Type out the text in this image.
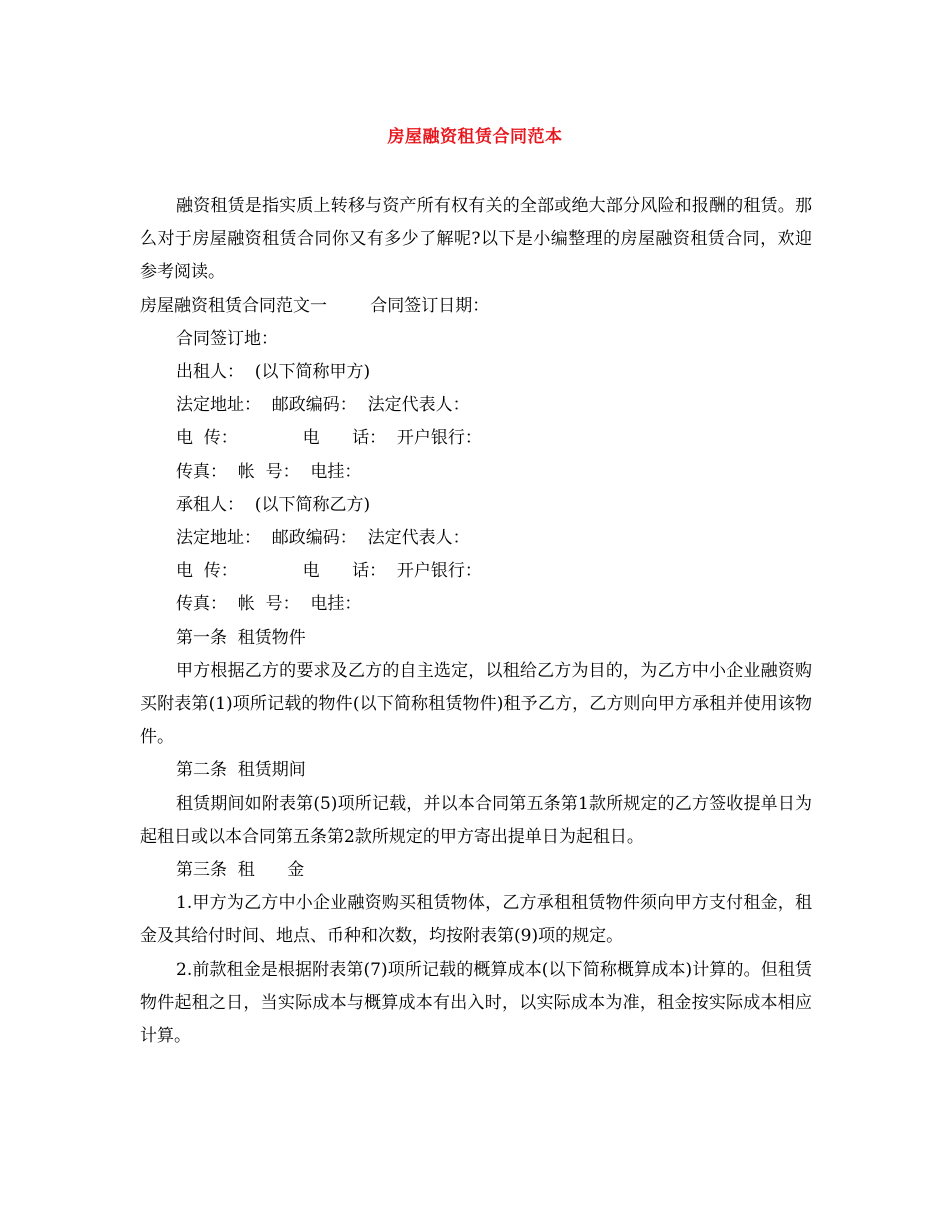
房屋融资租赁合同范本

融资租赁是指实质上转移与资产所有权有关的全部或绝大部分风险和报酬的租赁。那么对于房屋融资租赁合同你又有多少了解呢?以下是小编整理的房屋融资租赁合同，欢迎参考阅读。

房屋融资租赁合同范文一        合同签订日期：

合同签订地：

出租人：  (以下简称甲方)

法定地址：  邮政编码：  法定代表人：

电  传：            电      话：  开户银行：

传真：  帐  号：  电挂：

承租人：  (以下简称乙方)

法定地址：  邮政编码：  法定代表人：

电  传：            电      话：  开户银行：

传真：  帐  号：  电挂：

第一条  租赁物件

甲方根据乙方的要求及乙方的自主选定，以租给乙方为目的，为乙方中小企业融资购买附表第(1)项所记载的物件(以下简称租赁物件)租予乙方，乙方则向甲方承租并使用该物件。

第二条  租赁期间

租赁期间如附表第(5)项所记载，并以本合同第五条第1款所规定的乙方签收提单日为起租日或以本合同第五条第2款所规定的甲方寄出提单日为起租日。

第三条  租      金

1.甲方为乙方中小企业融资购买租赁物体，乙方承租租赁物件须向甲方支付租金，租金及其给付时间、地点、币种和次数，均按附表第(9)项的规定。

2.前款租金是根据附表第(7)项所记载的概算成本(以下简称概算成本)计算的。但租赁物件起租之日，当实际成本与概算成本有出入时，以实际成本为准，租金按实际成本相应计算。
